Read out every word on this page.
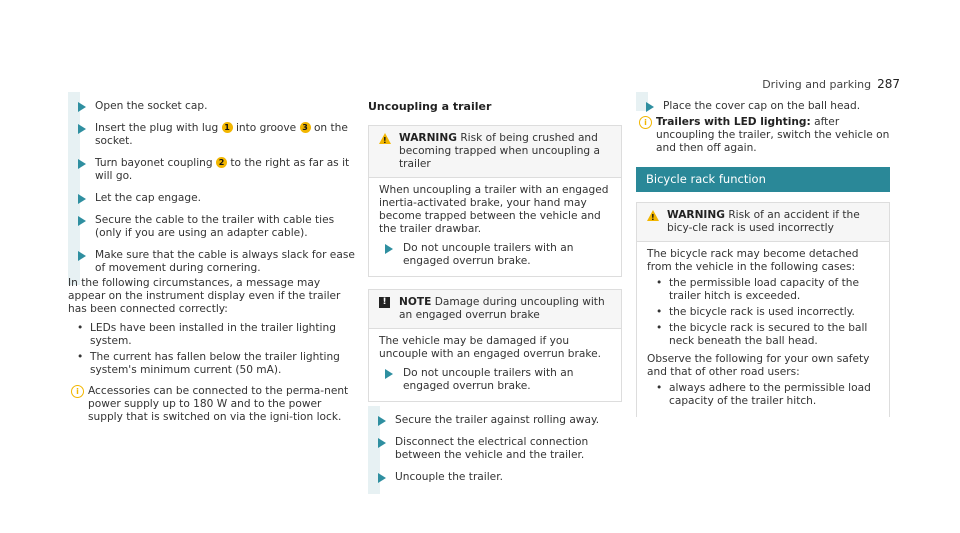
Driving and parking 287
Open the socket cap.
Insert the plug with lug 1 into groove 3 on the socket.
Turn bayonet coupling 2 to the right as far as it will go.
Let the cap engage.
Secure the cable to the trailer with cable ties (only if you are using an adapter cable).
Make sure that the cable is always slack for ease of movement during cornering.

In the following circumstances, a message may appear on the instrument display even if the trailer has been connected correctly:

• LEDs have been installed in the trailer lighting system.
• The current has fallen below the trailer lighting system's minimum current (50 mA).
i Accessories can be connected to the perma-nent power supply up to 180 W and to the power supply that is switched on via the igni-tion lock.
Uncoupling a trailer
!
WARNING Risk of being crushed and becoming trapped when uncoupling a trailer

When uncoupling a trailer with an engaged inertia-activated brake, your hand may become trapped between the vehicle and the trailer drawbar.

Do not uncouple trailers with an engaged overrun brake.
!	NOTE Damage during uncoupling with an engaged overrun brake

The vehicle may be damaged if you uncouple with an engaged overrun brake.

Do not uncouple trailers with an engaged overrun brake.
Secure the trailer against rolling away.
Disconnect the electrical connection between the vehicle and the trailer.
Uncouple the trailer.
Place the cover cap on the ball head.
i Trailers with LED lighting: after uncoupling the trailer, switch the vehicle on and then off again.
Bicycle rack function
!
WARNING Risk of an accident if the bicy-cle rack is used incorrectly

The bicycle rack may become detached from the vehicle in the following cases:

• the permissible load capacity of the trailer hitch is exceeded.
• the bicycle rack is used incorrectly.
• the bicycle rack is secured to the ball neck beneath the ball head.

Observe the following for your own safety and that of other road users:

• always adhere to the permissible load capacity of the trailer hitch.
